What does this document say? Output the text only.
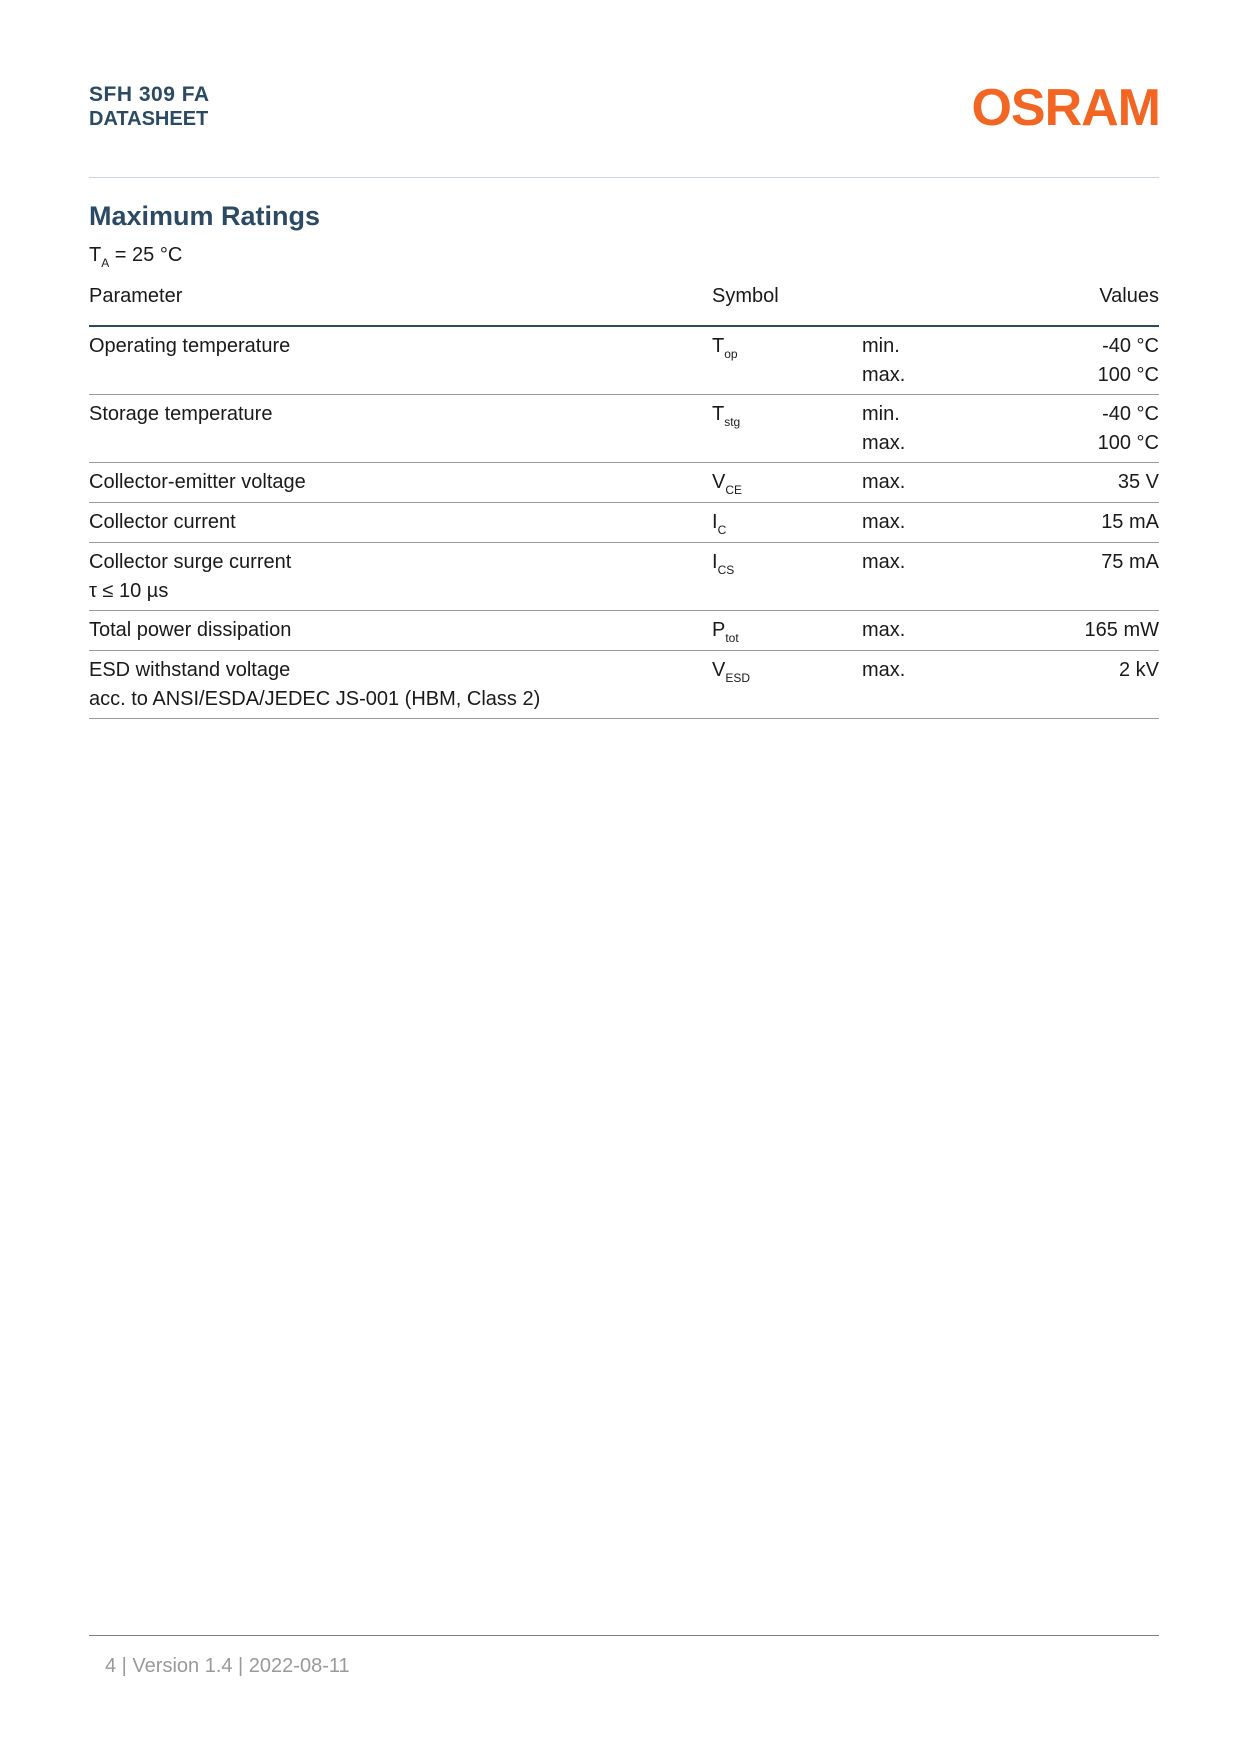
SFH 309 FA
DATASHEET	OSRAM
Maximum Ratings
$T_A = 25$ °C
Parameter	Symbol	Values
Operating temperature	$T_{op}$	min.	-40 °C
max.	100 °C
Storage temperature	$T_{stg}$	min.	-40 °C
max.	100 °C
Collector-emitter voltage	$V_{CE}$	max.	35 V
Collector current	$I_C$	max.	15 mA
Collector surge current
τ ≤ 10 µs
$I_{CS}$	max.	75 mA
Total power dissipation	$P_{tot}$	max.	165 mW
ESD withstand voltage
acc. to ANSI/ESDA/JEDEC JS-001 (HBM, Class 2)
$V_{ESD}$	max.	2 kV
4 | Version 1.4 | 2022-08-11
